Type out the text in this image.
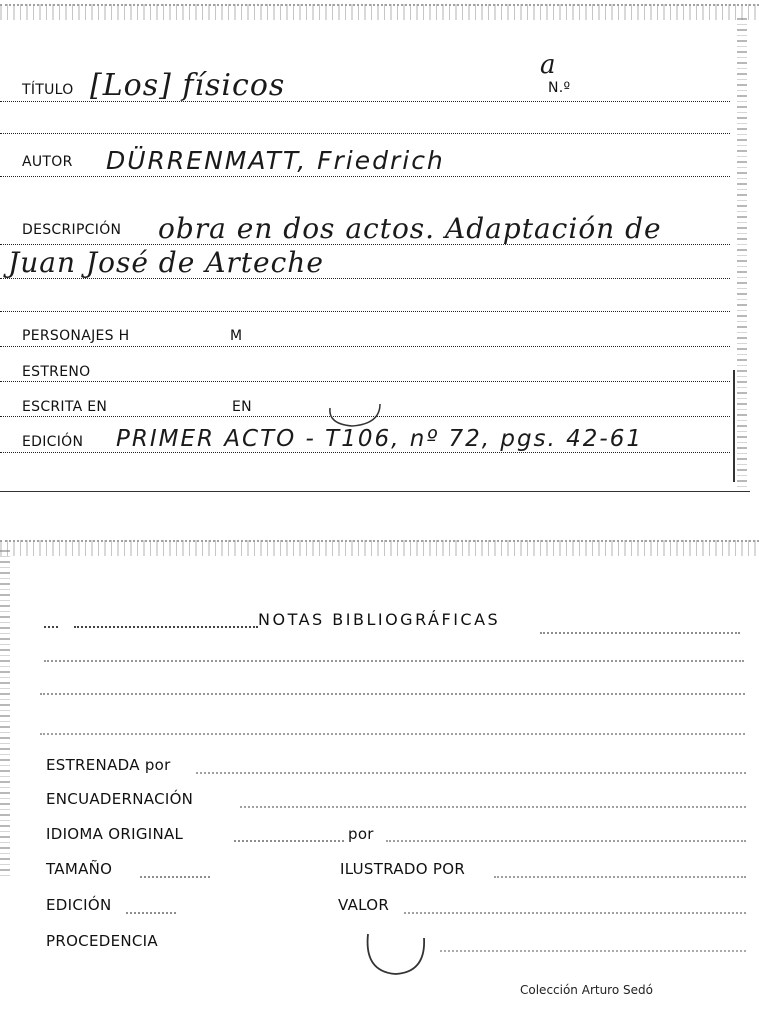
TÍTULO [Los] físicos
a
N.º
AUTOR DÜRRENMATT, Friedrich
DESCRIPCIÓN obra en dos actos. Adaptación de
Juan José de Arteche
PERSONAJES H	M
ESTRENO
ESCRITA EN	EN
EDICIÓN PRIMER ACTO - T106, nº 72, pgs. 42-61
NOTAS BIBLIOGRÁFICAS
ESTRENADA por
ENCUADERNACIÓN
IDIOMA ORIGINAL	por
TAMAÑO	ILUSTRADO POR
EDICIÓN	VALOR
PROCEDENCIA
Colección Arturo Sedó
